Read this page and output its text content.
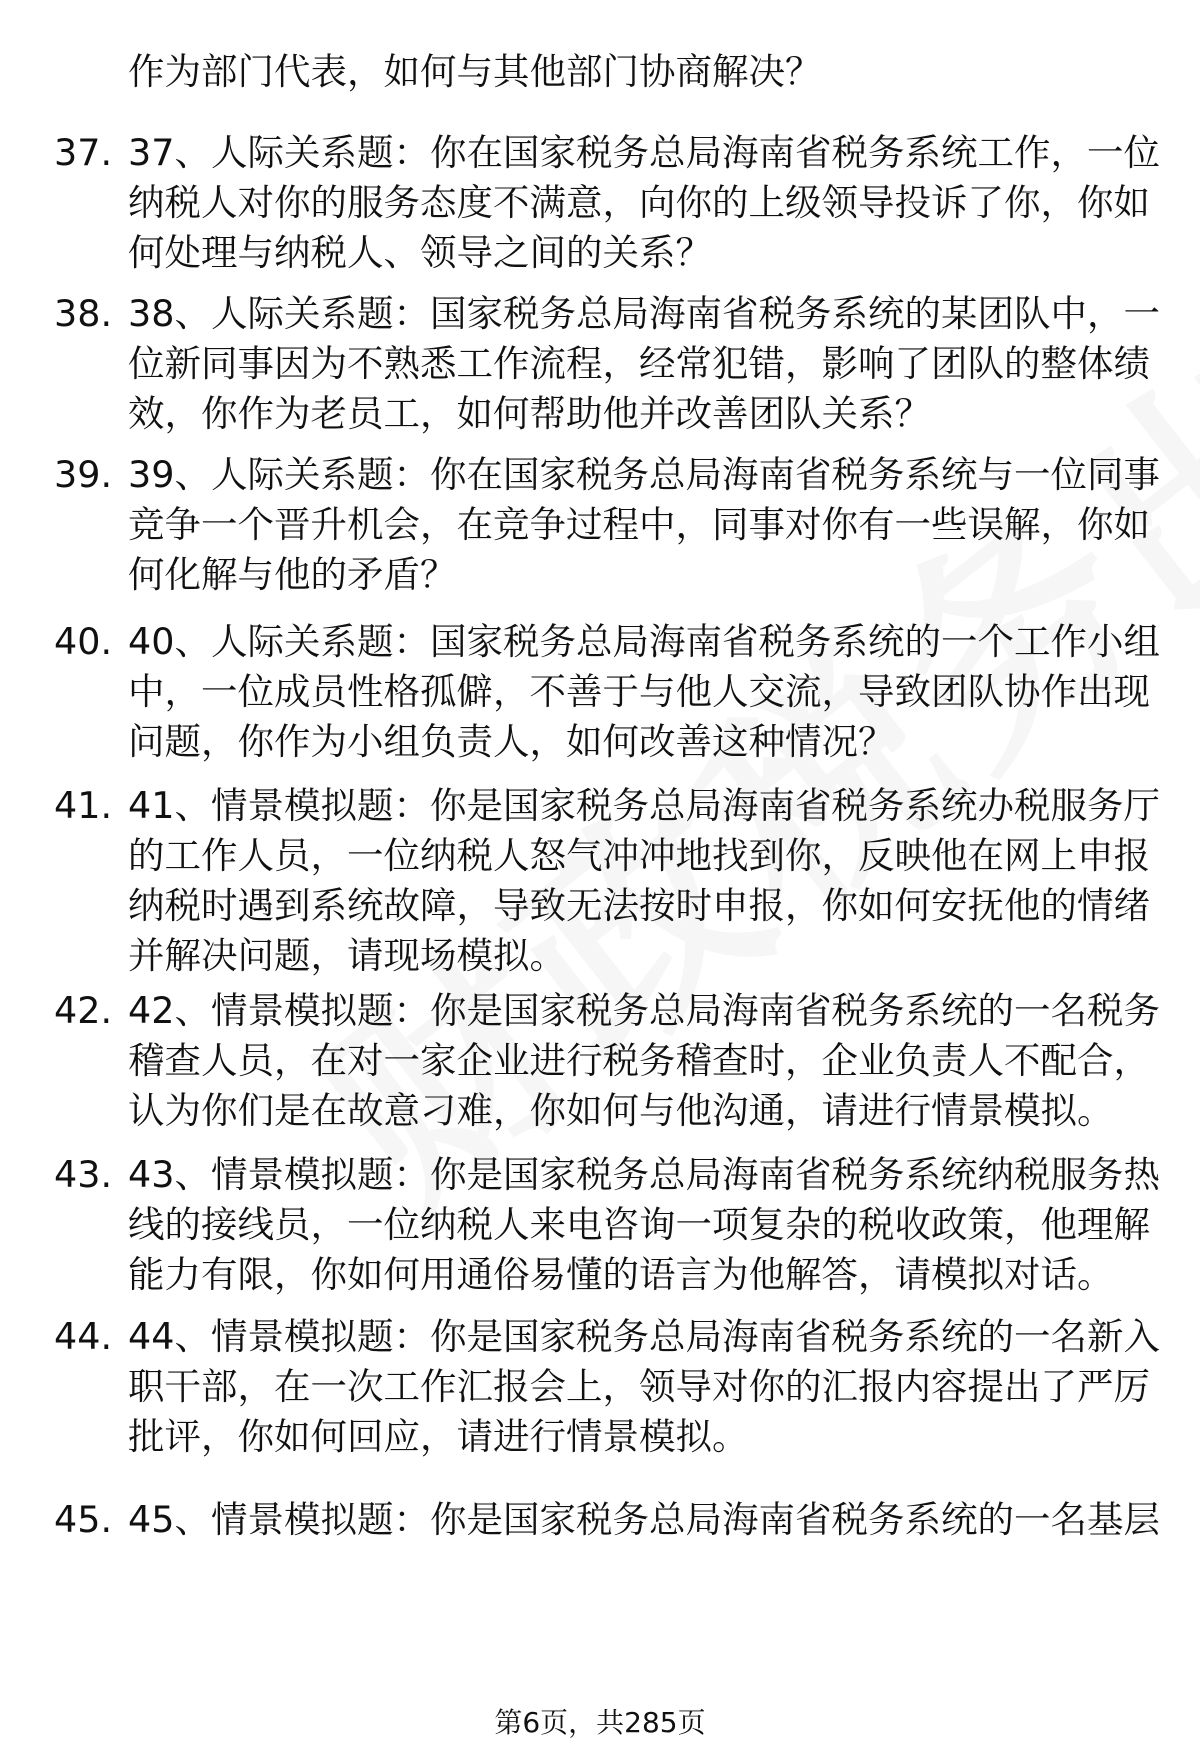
作为部门代表，如何与其他部门协商解决？
37. 37、人际关系题：你在国家税务总局海南省税务系统工作，一位
纳税人对你的服务态度不满意，向你的上级领导投诉了你，你如
何处理与纳税人、领导之间的关系？
38. 38、人际关系题：国家税务总局海南省税务系统的某团队中，一
位新同事因为不熟悉工作流程，经常犯错，影响了团队的整体绩
效，你作为老员工，如何帮助他并改善团队关系？
39. 39、人际关系题：你在国家税务总局海南省税务系统与一位同事
竞争一个晋升机会，在竞争过程中，同事对你有一些误解，你如
何化解与他的矛盾？
40. 40、人际关系题：国家税务总局海南省税务系统的一个工作小组
中，一位成员性格孤僻，不善于与他人交流，导致团队协作出现
问题，你作为小组负责人，如何改善这种情况？
41. 41、情景模拟题：你是国家税务总局海南省税务系统办税服务厅
的工作人员，一位纳税人怒气冲冲地找到你，反映他在网上申报
纳税时遇到系统故障，导致无法按时申报，你如何安抚他的情绪
并解决问题，请现场模拟。
42. 42、情景模拟题：你是国家税务总局海南省税务系统的一名税务
稽查人员，在对一家企业进行税务稽查时，企业负责人不配合，
认为你们是在故意刁难，你如何与他沟通，请进行情景模拟。
43. 43、情景模拟题：你是国家税务总局海南省税务系统纳税服务热
线的接线员，一位纳税人来电咨询一项复杂的税收政策，他理解
能力有限，你如何用通俗易懂的语言为他解答，请模拟对话。
44. 44、情景模拟题：你是国家税务总局海南省税务系统的一名新入
职干部，在一次工作汇报会上，领导对你的汇报内容提出了严厉
批评，你如何回应，请进行情景模拟。
45. 45、情景模拟题：你是国家税务总局海南省税务系统的一名基层
第6页，共285页
